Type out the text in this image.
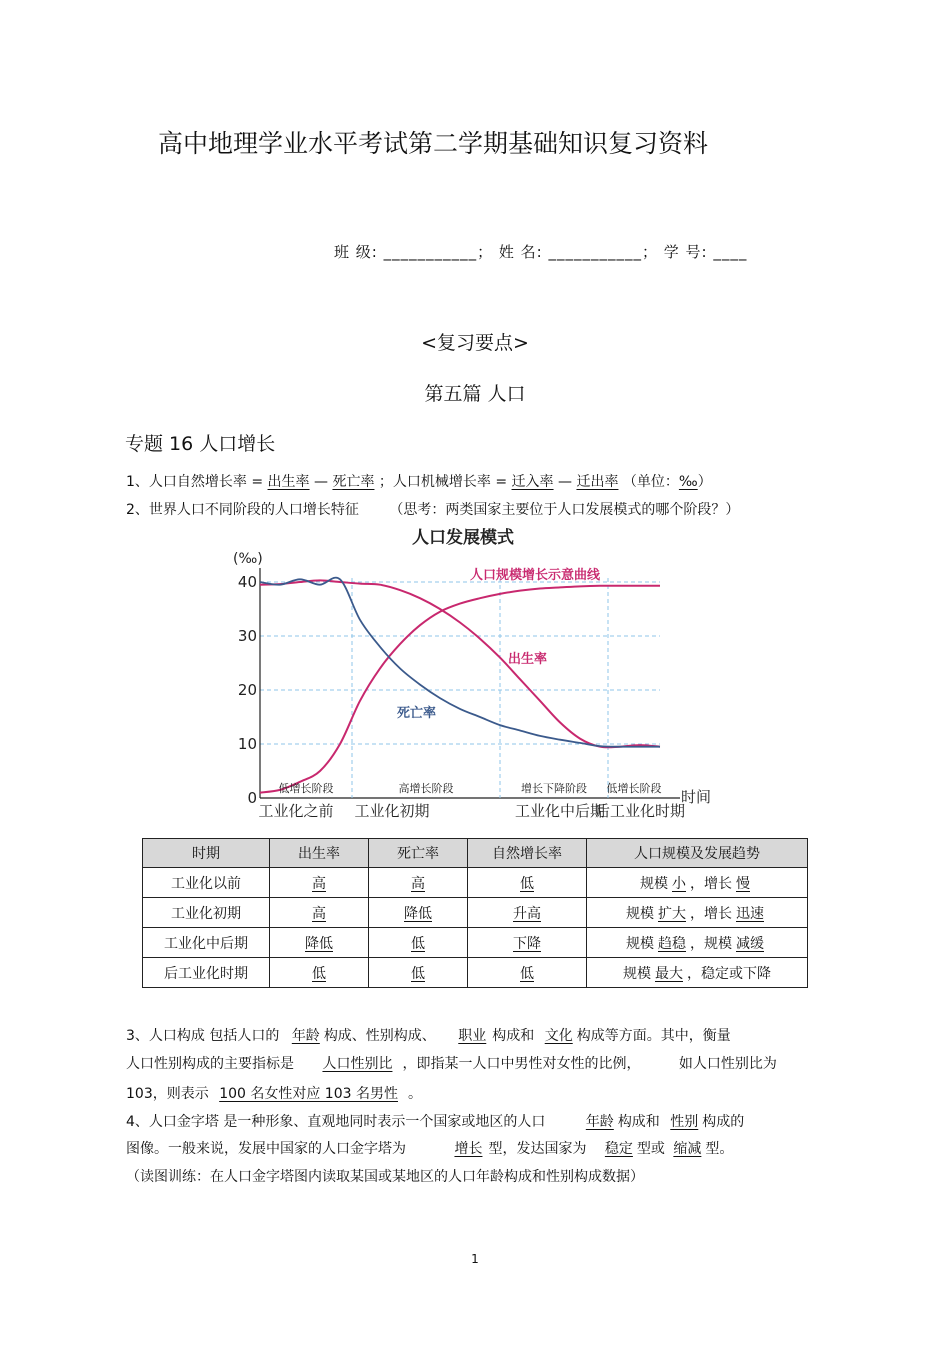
高中地理学业水平考试第二学期基础知识复习资料
班 级: ___________； 姓 名: ___________； 学 号: ____
<复习要点>
第五篇 人口
专题 16 人口增长
1、人口自然增长率 = 出生率 — 死亡率 ；人口机械增长率 = 迁入率 — 迁出率 （单位：‰）
2、世界人口不同阶段的人口增长特征 （思考：两类国家主要位于人口发展模式的哪个阶段？）
人口发展模式
(‰)
40
30
20
10
0
人口规模增长示意曲线
出生率
死亡率
低增长阶段	高增长阶段	增长下降阶段 低增长阶段
工业化之前 工业化初期	工业化中后期
后工业化时期
时间
时期	出生率	死亡率	自然增长率	人口规模及发展趋势
工业化以前	高	高	低	规模 小 ，增长 慢
工业化初期	高	降低	升高	规模 扩大 ，增长 迅速
工业化中后期	降低	低	下降	规模 趋稳 ，规模 减缓
后工业化时期	低	低	低	规模 最大 ，稳定或下降
3、人口构成 包括人口的 年龄 构成、性别构成、 职业 构成和 文化 构成等方面。其中，衡量
人口性别构成的主要指标是 人口性别比 ，即指某一人口中男性对女性的比例，	如人口性别比为
103，则表示 100 名女性对应 103 名男性 。
4、人口金字塔 是一种形象、直观地同时表示一个国家或地区的人口	年龄 构成和 性别 构成的
图像。一般来说，发展中国家的人口金字塔为	增长 型，发达国家为 稳定 型或 缩减 型。
（读图训练：在人口金字塔图内读取某国或某地区的人口年龄构成和性别构成数据）
1
